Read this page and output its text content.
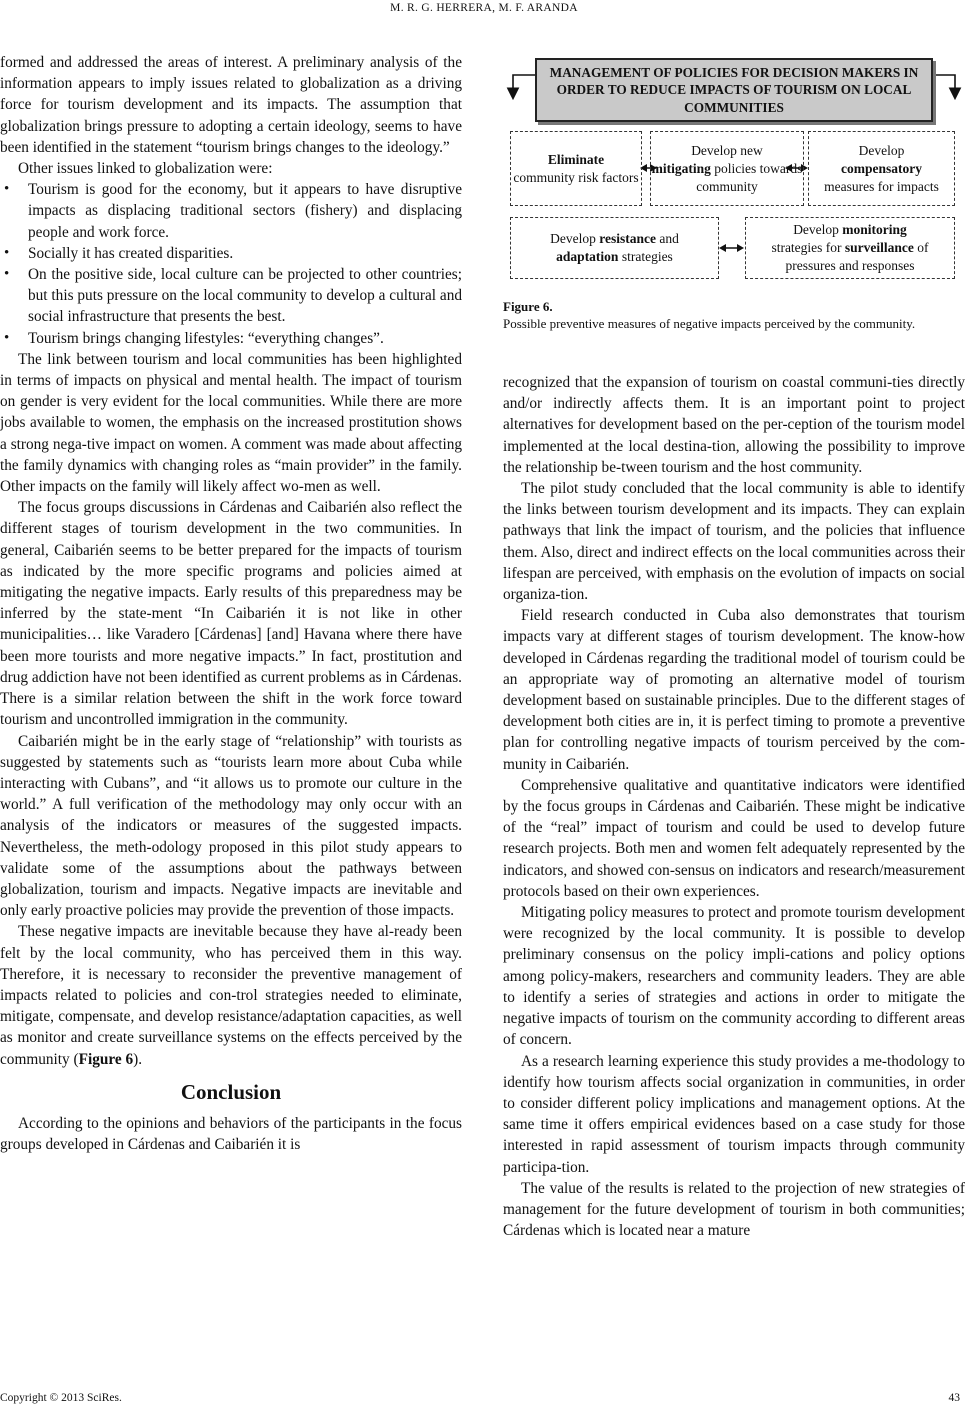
M. R. G. HERRERA, M. F. ARANDA

formed and addressed the areas of interest. A preliminary analysis of the information appears to imply issues related to globalization as a driving force for tourism development and its impacts. The assumption that globalization brings pressure to adopting a certain ideology, seems to have been identified in the statement “tourism brings changes to the ideology.”

Other issues linked to globalization were:

• Tourism is good for the economy, but it appears to have disruptive impacts as displacing traditional sectors (fishery) and displacing people and work force.
• Socially it has created disparities.
• On the positive side, local culture can be projected to other countries; but this puts pressure on the local community to develop a cultural and social infrastructure that presents the best.
• Tourism brings changing lifestyles: “everything changes”.

The link between tourism and local communities has been highlighted in terms of impacts on physical and mental health. The impact of tourism on gender is very evident for the local communities. While there are more jobs available to women, the emphasis on the increased prostitution shows a strong nega-tive impact on women. A comment was made about affecting the family dynamics with changing roles as “main provider” in the family. Other impacts on the family will likely affect wo-men as well.

The focus groups discussions in Cárdenas and Caibarién also reflect the different stages of tourism development in the two communities. In general, Caibarién seems to be better prepared for the impacts of tourism as indicated by the more specific programs and policies aimed at mitigating the negative impacts. Early results of this preparedness may be inferred by the state-ment “In Caibarién it is not like in other municipalities… like Varadero [Cárdenas] [and] Havana where there have been more tourists and more negative impacts.” In fact, prostitution and drug addiction have not been identified as current problems as in Cárdenas. There is a similar relation between the shift in the work force toward tourism and uncontrolled immigration in the community.

Caibarién might be in the early stage of “relationship” with tourists as suggested by statements such as “tourists learn more about Cuba while interacting with Cubans”, and “it allows us to promote our culture in the world.” A full verification of the methodology may only occur with an analysis of the indicators or measures of the suggested impacts. Nevertheless, the meth-odology proposed in this pilot study appears to validate some of the assumptions about the pathways between globalization, tourism and impacts. Negative impacts are inevitable and only early proactive policies may provide the prevention of those impacts.

These negative impacts are inevitable because they have al-ready been felt by the local community, who has perceived them in this way. Therefore, it is necessary to reconsider the preventive management of impacts related to policies and con-trol strategies needed to eliminate, mitigate, compensate, and develop resistance/adaptation capacities, as well as monitor and create surveillance systems on the effects perceived by the community (Figure 6).

Conclusion

According to the opinions and behaviors of the participants in the focus groups developed in Cárdenas and Caibarién it is

MANAGEMENT OF POLICIES FOR DECISION MAKERS IN ORDER TO REDUCE IMPACTS OF TOURISM ON LOCAL COMMUNITIES
Eliminate
community risk factors
Develop new
mitigating policies towards community
Develop
compensatory
measures for impacts
Develop resistance and
adaptation strategies
Develop monitoring
strategies for surveillance of pressures and responses
Figure 6.
Possible preventive measures of negative impacts perceived by the community.

recognized that the expansion of tourism on coastal communi-ties directly and/or indirectly affects them. It is an important point to project alternatives for development based on the per-ception of the tourism model implemented at the local destina-tion, allowing the possibility to improve the relationship be-tween tourism and the host community.

The pilot study concluded that the local community is able to identify the links between tourism development and its impacts. They can explain pathways that link the impact of tourism, and the policies that influence them. Also, direct and indirect effects on the local communities across their lifespan are perceived, with emphasis on the evolution of impacts on social organiza-tion.

Field research conducted in Cuba also demonstrates that tourism impacts vary at different stages of tourism development. The know-how developed in Cárdenas regarding the traditional model of tourism could be an appropriate way of promoting an alternative model of tourism development based on sustainable principles. Due to the different stages of development both cities are in, it is perfect timing to promote a preventive plan for controlling negative impacts of tourism perceived by the com-munity in Caibarién.

Comprehensive qualitative and quantitative indicators were identified by the focus groups in Cárdenas and Caibarién. These might be indicative of the “real” impact of tourism and could be used to develop future research projects. Both men and women felt adequately represented by the indicators, and showed con-sensus on indicators and research/measurement protocols based on their own experiences.

Mitigating policy measures to protect and promote tourism development were recognized by the local community. It is possible to develop preliminary consensus on the policy impli-cations and policy options among policy-makers, researchers and community leaders. They are able to identify a series of strategies and actions in order to mitigate the negative impacts of tourism on the community according to different areas of concern.

As a research learning experience this study provides a me-thodology to identify how tourism affects social organization in communities, in order to consider different policy implications and management options. At the same time it offers empirical evidences based on a case study for those interested in rapid assessment of tourism impacts through community participa-tion.

The value of the results is related to the projection of new strategies of management for the future development of tourism in both communities; Cárdenas which is located near a mature

Copyright © 2013 SciRes.	43
